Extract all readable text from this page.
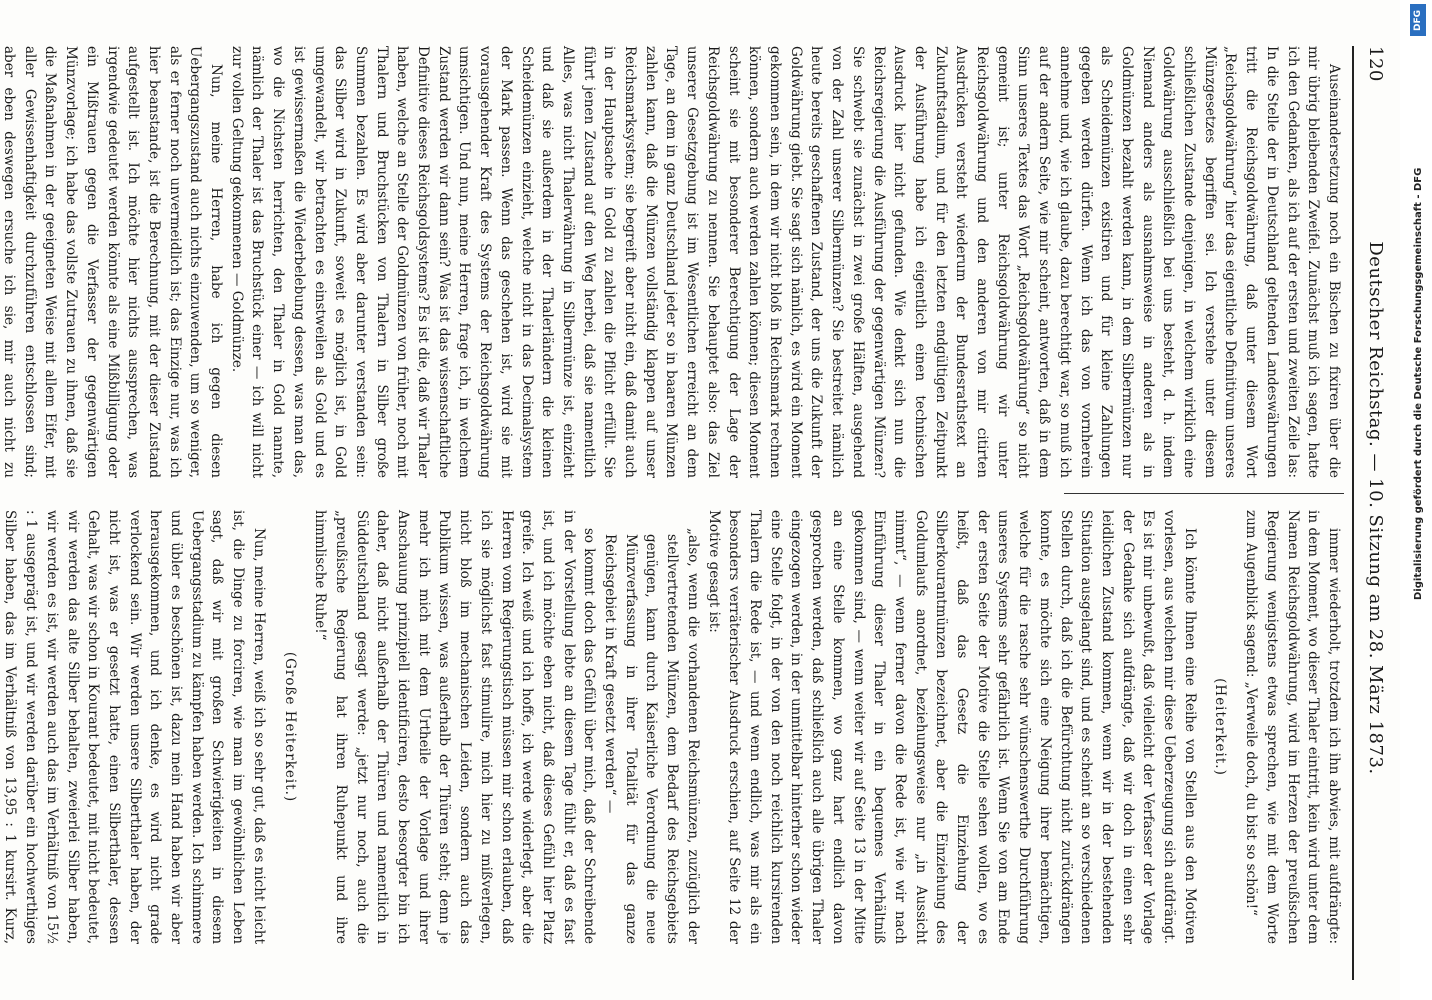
120
Deutscher Reichstag. — 10. Sitzung am 28. März 1873.

Auseinandersetzung noch ein Bischen zu fixiren über die mir übrig bleibenden Zweifel. Zunächst muß ich sagen, hatte ich den Gedanken, als ich auf der ersten und zweiten Zeile las: In die Stelle der in Deutschland geltenden Landeswährungen tritt die Reichsgoldwährung, daß unter diesem Wort „Reichsgoldwährung“ hier das eigentliche Definitivum unseres Münzgesetzes begriffen sei. Ich verstehe unter diesem schließlichen Zustande denjenigen, in welchem wirklich eine Goldwährung ausschließlich bei uns besteht, d. h. indem Niemand anders als ausnahmsweise in anderen als in Goldmünzen bezahlt werden kann, in dem Silbermünzen nur als Scheidemünzen existiren und für kleine Zahlungen gegeben werden dürfen. Wenn ich das von vornherein annehme und, wie ich glaube, dazu berechtigt war, so muß ich auf der andern Seite, wie mir scheint, antworten, daß in dem Sinn unseres Textes das Wort „Reichsgoldwährung“ so nicht gemeint ist; unter Reichsgoldwährung wir unter Reichsgoldwährung und den anderen von mir citirten Ausdrücken versteht wiederum der Bundesrathstext an Zukunftstadium, und für den letzten endgültigen Zeitpunkt der Ausführung habe ich eigentlich einen technischen Ausdruck hier nicht gefunden. Wie denkt sich nun die Reichsregierung die Ausführung der gegenwärtigen Münzen? Sie schwebt sie zunächst in zwei große Hälften, ausgehend von der Zahl unserer Silbermünzen? Sie bestreitet nämlich heute bereits geschaffenen Zustand, der uns die Zukunft der Goldwährung giebt. Sie sagt sich nämlich, es wird ein Moment gekommen sein, in dem wir nicht bloß in Reichsmark rechnen können, sondern auch werden zahlen können; diesen Moment scheint sie mit besonderer Berechtigung der Lage der Reichsgoldwährung zu nennen. Sie behauptet also: das Ziel unserer Gesetzgebung ist im Wesentlichen erreicht an dem Tage, an dem in ganz Deutschland jeder so in baaren Münzen zahlen kann, daß die Münzen vollständig klappen auf unser Reichsmarksystem; sie begreift aber nicht ein, daß damit auch in der Hauptsache in Gold zu zahlen die Pflicht erfüllt. Sie führt jenen Zustand auf den Weg herbei, daß sie namentlich Alles, was nicht Thalerwährung in Silbermünze ist, einzieht und daß sie außerdem in der Thalerländern die kleinen Scheidemünzen einzieht, welche nicht in das Decimalsystem der Mark passen. Wenn das geschehen ist, wird sie mit vorausgehender Kraft des Systems der Reichsgoldwährung umsichtigen. Und nun, meine Herren, frage ich, in welchem Zustand werden wir dann sein? Was ist das wissenschaftliche Definitive dieses Reichsgoldsystems? Es ist die, daß wir Thaler haben, welche an Stelle der Goldmünzen von früher, noch mit Thalern und Bruchstücken von Thalern in Silber große Summen bezahlen. Es wird aber darunter verstanden sein: das Silber wird in Zukunft, soweit es möglich ist, in Gold umgewandelt, wir betrachten es einstweilen als Gold und es ist gewissermaßen die Wiederbelebung dessen, was man das, wo die Nichsten herrichten, den Thaler in Gold nannte, nämlich der Thaler ist das Bruchstück einer — ich will nicht zur vollen Geltung gekommenen — Goldmünze.

Nun, meine Herren, habe ich gegen diesen Uebergangszustand auch nichts einzuwenden, um so weniger, als er ferner noch unvermeidlich ist; das Einzige nur, was ich hier beanstande, ist die Berechnung, mit der dieser Zustand aufgestellt ist. Ich möchte hier nichts aussprechen, was irgendwie gedeutet werden könnte als eine Mißbilligung oder ein Mißtrauen gegen die Verfasser der gegenwärtigen Münzvorlage; ich habe das vollste Zutrauen zu ihnen, daß sie die Maßnahmen in der geeigneten Weise mit allem Eifer, mit aller Gewissenhaftigkeit durchzuführen entschlossen sind; aber eben deswegen ersuche ich sie, mir auch nicht zu

immer wiederholt, trotzdem ich ihn abwies, mit aufdrängte: in dem Moment, wo dieser Thaler eintritt, kein wird unter dem Namen Reichsgoldwährung, wird im Herzen der preußischen Regierung wenigstens etwas sprechen, wie mit dem Worte zum Augenblick sagend: „Verweile doch, du bist so schön!“

(Heiterkeit.)

Ich könnte Ihnen eine Reihe von Stellen aus den Motiven vorlesen, aus welchen mir diese Ueberzeugung sich aufdrängt. Es ist mir unbewußt, daß vielleicht der Verfasser der Vorlage der Gedanke sich aufdrängte, daß wir doch in einen sehr leidlichen Zustand kommen, wenn wir in der bestehenden Situation ausgelangt sind, und es scheint an so verschiedenen Stellen durch, daß ich die Befürchtung nicht zurückdrängen konnte, es möchte sich eine Neigung ihrer bemächtigen, welche für die rasche sehr wünschenswerthe Durchführung unseres Systems sehr gefährlich ist. Wenn Sie von am Ende der ersten Seite der Motive die Stelle sehen wollen, wo es heißt, daß das Gesetz die Einziehung der Silberkourantmünzen bezeichnet, aber die Einziehung des Goldumlaufs anordnet, beziehungsweise nur „in Aussicht nimmt“, — wenn ferner davon die Rede ist, wie wir nach Einführung dieser Thaler in ein bequemes Verhältniß gekommen sind, — wenn weiter wir auf Seite 13 in der Mitte an eine Stelle kommen, wo ganz hart endlich davon gesprochen werden, daß schließlich auch alle übrigen Thaler eingezogen werden, in der unmittelbar hinterher schon wieder eine Stelle folgt, in der von den noch reichlich kursirenden Thalern die Rede ist, — und wenn endlich, was mir als ein besonders verräterischer Ausdruck erschien, auf Seite 12 der Motive gesagt ist:

„also, wenn die vorhandenen Reichsmünzen, zuzüglich der stellvertretenden Münzen, dem Bedarf des Reichsgebiets genügen, kann durch Kaiserliche Verordnung die neue Münzverfassung in ihrer Totalität für das ganze Reichsgebiet in Kraft gesetzt werden“ —

so kommt doch das Gefühl über mich, daß der Schreibende in der Vorstellung lebte an diesem Tage fühlt er, daß es fast ist, und ich möchte eben nicht, daß dieses Gefühl hier Platz greife. Ich weiß und ich hoffe, ich werde widerlegt, aber die Herren vom Regierungstisch müssen mir schon erlauben, daß ich sie möglichst fast stimulire, mich hier zu mißverlegen, nicht bloß im mechanischen Leiden, sondern auch das Publikum wissen, was außerhalb der Thüren steht; denn je mehr ich mich mit dem Urtheile der Vorlage und ihrer Anschauung prinzipiell identificiren, desto besorgter bin ich daher, daß nicht außerhalb der Thüren und namentlich in Süddeutschland gesagt werde: „jetzt nur noch, auch die „preußische Regierung hat ihren Ruhepunkt und ihre himmlische Ruhe!“

(Große Heiterkeit.)

Nun, meine Herren, weiß ich so sehr gut, daß es nicht leicht ist, die Dinge zu forciren, wie man im gewöhnlichen Leben sagt, daß wir mit großen Schwierigkeiten in diesem Uebergangsstadium zu kämpfen haben werden. Ich schimmere und übler es beschönen ist, dazu mein Hand haben wir aber herausgekommen, und ich denke, es wird nicht grade verlockend sein. Wir werden unsere Silberthaler haben, der nicht ist, was er gesetzt hatte, einen Silberthaler, dessen Gehalt, was wir schon in Kourant bedeutet, mit nicht bedeutet, wir werden das alte Silber behalten, zweierlei Silber haben, wir werden es ist, wir werden auch das im Verhältniß von 15½ : 1 ausgeprägt ist, und wir werden darüber ein hochwerthiges Silber haben, das im Verhältniß von 13,95 : 1 kursirt. Kurz,

DFG
Digitalisierung gefördert durch die Deutsche Forschungsgemeinschaft - DFG
